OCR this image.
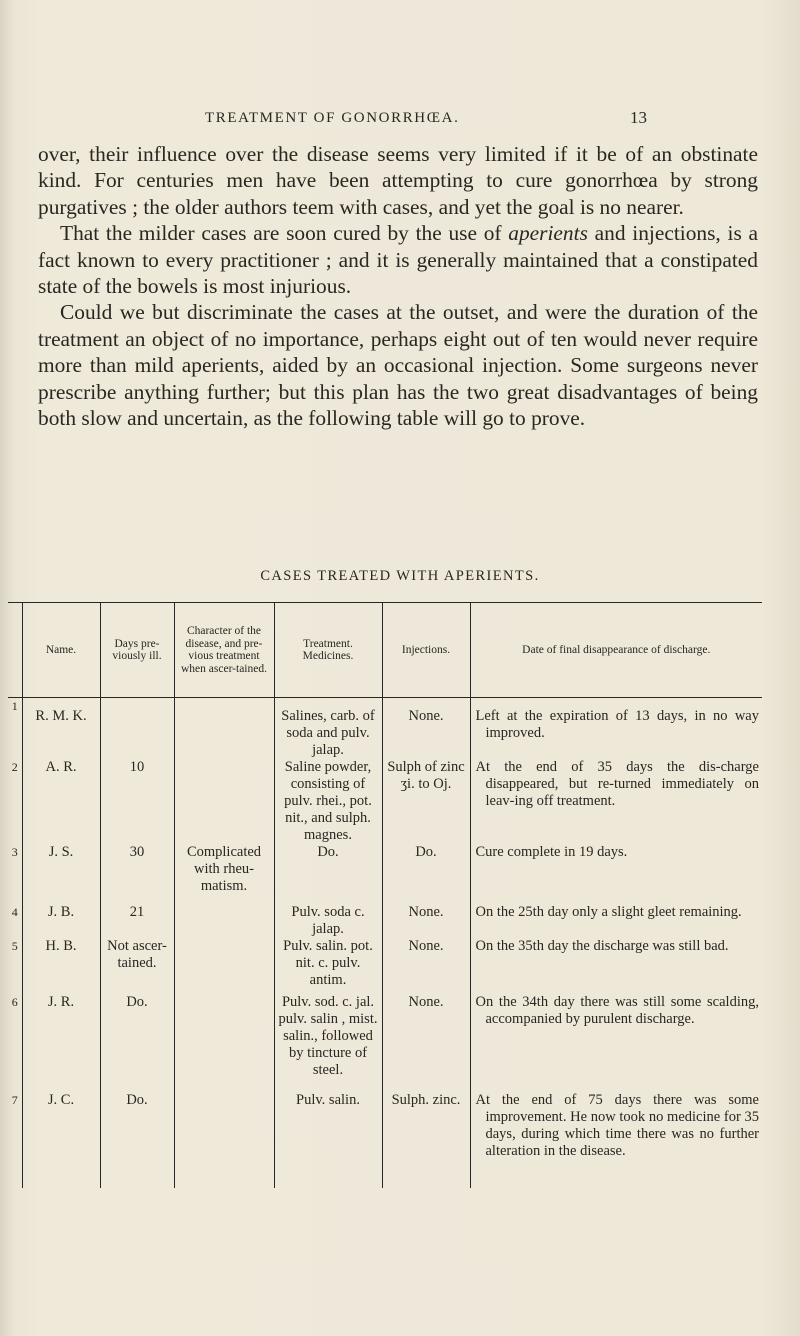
TREATMENT OF GONORRHŒA.	13

over, their influence over the disease seems very limited if it be of an obstinate kind. For centuries men have been attempting to cure gonorrhœa by strong purgatives ; the older authors teem with cases, and yet the goal is no nearer.

That the milder cases are soon cured by the use of aperients and injections, is a fact known to every practitioner ; and it is generally maintained that a constipated state of the bowels is most injurious.

Could we but discriminate the cases at the outset, and were the duration of the treatment an object of no importance, perhaps eight out of ten would never require more than mild aperients, aided by an occasional injection. Some surgeons never prescribe anything further; but this plan has the two great disadvantages of being both slow and uncertain, as the following table will go to prove.

CASES TREATED WITH APERIENTS.
	Name.	Days pre-viously ill.	Character of the disease, and pre-vious treatment when ascer-tained.	Treatment. Medicines.	Injections.	Date of final disappearance of discharge.
1	R. M. K.			Salines, carb. of soda and pulv. jalap.	None.	Left at the expiration of 13 days, in no way improved.

2	A. R.	10		Saline powder, consisting of pulv. rhei., pot. nit., and sulph. magnes.	Sulph of zinc ʒi. to Oj.	At the end of 35 days the dis-charge disappeared, but re-turned immediately on leav-ing off treatment.

3	J. S.	30	Complicated with rheu-matism.	Do.	Do.	Cure complete in 19 days.

4	J. B.	21		Pulv. soda c. jalap.	None.	On the 25th day only a slight gleet remaining.

5	H. B.	Not ascer-tained.		Pulv. salin. pot. nit. c. pulv. antim.	None.	On the 35th day the discharge was still bad.

6	J. R.	Do.		Pulv. sod. c. jal. pulv. salin , mist. salin., followed by tincture of steel.	None.	On the 34th day there was still some scalding, accompanied by purulent discharge.

7	J. C.	Do.		Pulv. salin.	Sulph. zinc.	At the end of 75 days there was some improvement. He now took no medicine for 35 days, during which time there was no further alteration in the disease.
